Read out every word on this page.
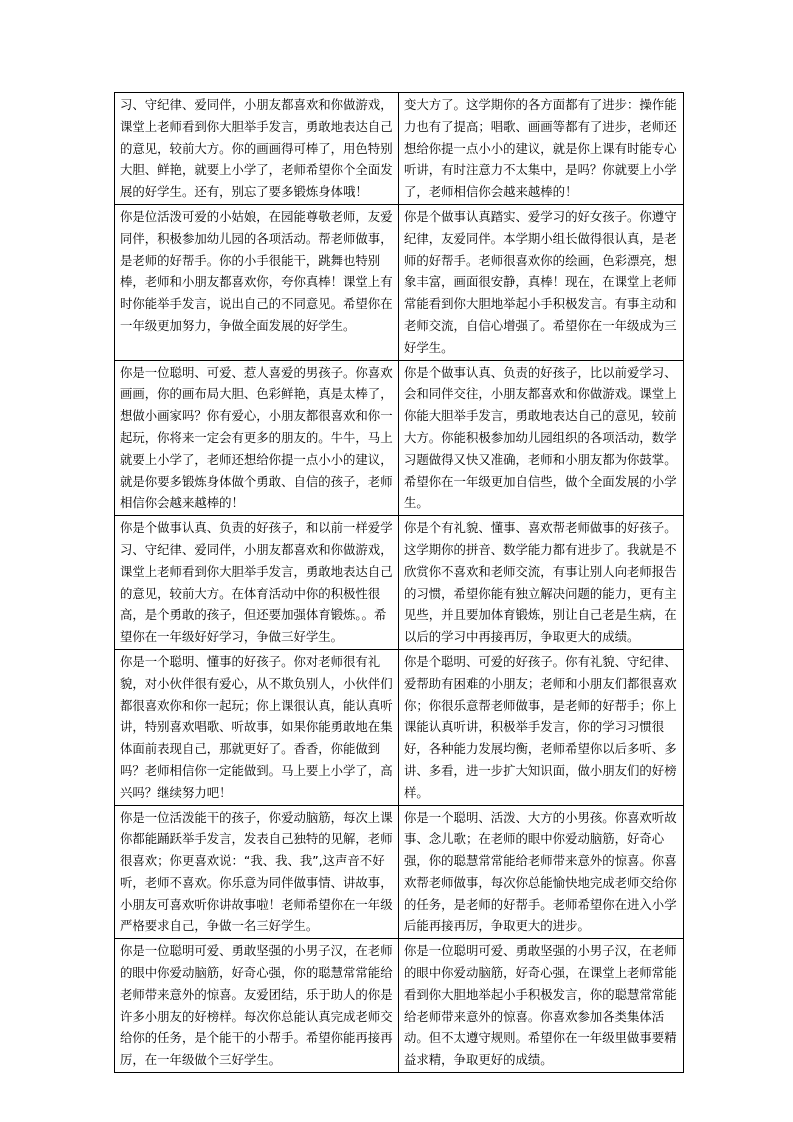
习、守纪律、爱同伴，小朋友都喜欢和你做游戏，课堂上老师看到你大胆举手发言，勇敢地表达自己的意见，较前大方。你的画画得可棒了，用色特别大胆、鲜艳，就要上小学了，老师希望你个全面发展的好学生。还有，别忘了要多锻炼身体哦！	变大方了。这学期你的各方面都有了进步：操作能力也有了提高；唱歌、画画等都有了进步，老师还想给你提一点小小的建议，就是你上课有时能专心听讲，有时注意力不太集中，是吗？你就要上小学了，老师相信你会越来越棒的！
你是位活泼可爱的小姑娘，在园能尊敬老师，友爱同伴，积极参加幼儿园的各项活动。帮老师做事，是老师的好帮手。你的小手很能干，跳舞也特别棒，老师和小朋友都喜欢你，夸你真棒！课堂上有时你能举手发言，说出自己的不同意见。希望你在一年级更加努力，争做全面发展的好学生。	你是个做事认真踏实、爱学习的好女孩子。你遵守纪律，友爱同伴。本学期小组长做得很认真，是老师的好帮手。老师很喜欢你的绘画，色彩漂亮，想象丰富，画面很安静，真棒！现在，在课堂上老师常能看到你大胆地举起小手积极发言。有事主动和老师交流，自信心增强了。希望你在一年级成为三好学生。
你是一位聪明、可爱、惹人喜爱的男孩子。你喜欢画画，你的画布局大胆、色彩鲜艳，真是太棒了，想做小画家吗？你有爱心，小朋友都很喜欢和你一起玩，你将来一定会有更多的朋友的。牛牛，马上就要上小学了，老师还想给你提一点小小的建议，就是你要多锻炼身体做个勇敢、自信的孩子，老师相信你会越来越棒的！	你是个做事认真、负责的好孩子，比以前爱学习、会和同伴交往，小朋友都喜欢和你做游戏。课堂上你能大胆举手发言，勇敢地表达自己的意见，较前大方。你能积极参加幼儿园组织的各项活动，数学习题做得又快又准确，老师和小朋友都为你鼓掌。希望你在一年级更加自信些，做个全面发展的小学生。
你是个做事认真、负责的好孩子，和以前一样爱学习、守纪律、爱同伴，小朋友都喜欢和你做游戏，课堂上老师看到你大胆举手发言，勇敢地表达自己的意见，较前大方。在体育活动中你的积极性很高，是个勇敢的孩子，但还要加强体育锻炼。。希望你在一年级好好学习，争做三好学生。	你是个有礼貌、懂事、喜欢帮老师做事的好孩子。这学期你的拼音、数学能力都有进步了。我就是不欣赏你不喜欢和老师交流，有事让别人向老师报告的习惯，希望你能有独立解决问题的能力，更有主见些，并且要加体育锻炼，别让自己老是生病，在以后的学习中再接再厉，争取更大的成绩。
你是一个聪明、懂事的好孩子。你对老师很有礼貌，对小伙伴很有爱心，从不欺负别人，小伙伴们都很喜欢你和你一起玩；你上课很认真，能认真听讲，特别喜欢唱歌、听故事，如果你能勇敢地在集体面前表现自己，那就更好了。香香，你能做到吗？老师相信你一定能做到。马上要上小学了，高兴吗？继续努力吧！	你是个聪明、可爱的好孩子。你有礼貌、守纪律、爱帮助有困难的小朋友；老师和小朋友们都很喜欢你；你很乐意帮老师做事，是老师的好帮手；你上课能认真听讲，积极举手发言，你的学习习惯很好，各种能力发展均衡，老师希望你以后多听、多讲、多看，进一步扩大知识面，做小朋友们的好榜样。
你是一位活泼能干的孩子，你爱动脑筋，每次上课你都能踊跃举手发言，发表自己独特的见解，老师很喜欢；你更喜欢说：“我、我、我”,这声音不好听，老师不喜欢。你乐意为同伴做事情、讲故事，小朋友可喜欢听你讲故事啦！老师希望你在一年级严格要求自己，争做一名三好学生。	你是一个聪明、活泼、大方的小男孩。你喜欢听故事、念儿歌；在老师的眼中你爱动脑筋，好奇心强，你的聪慧常常能给老师带来意外的惊喜。你喜欢帮老师做事，每次你总能愉快地完成老师交给你的任务，是老师的好帮手。老师希望你在进入小学后能再接再厉，争取更大的进步。
你是一位聪明可爱、勇敢坚强的小男子汉，在老师的眼中你爱动脑筋，好奇心强，你的聪慧常常能给老师带来意外的惊喜。友爱团结，乐于助人的你是许多小朋友的好榜样。每次你总能认真完成老师交给你的任务，是个能干的小帮手。希望你能再接再厉，在一年级做个三好学生。	你是一位聪明可爱、勇敢坚强的小男子汉，在老师的眼中你爱动脑筋，好奇心强，在课堂上老师常能看到你大胆地举起小手积极发言，你的聪慧常常能给老师带来意外的惊喜。你喜欢参加各类集体活动。但不太遵守规则。希望你在一年级里做事要精益求精，争取更好的成绩。
